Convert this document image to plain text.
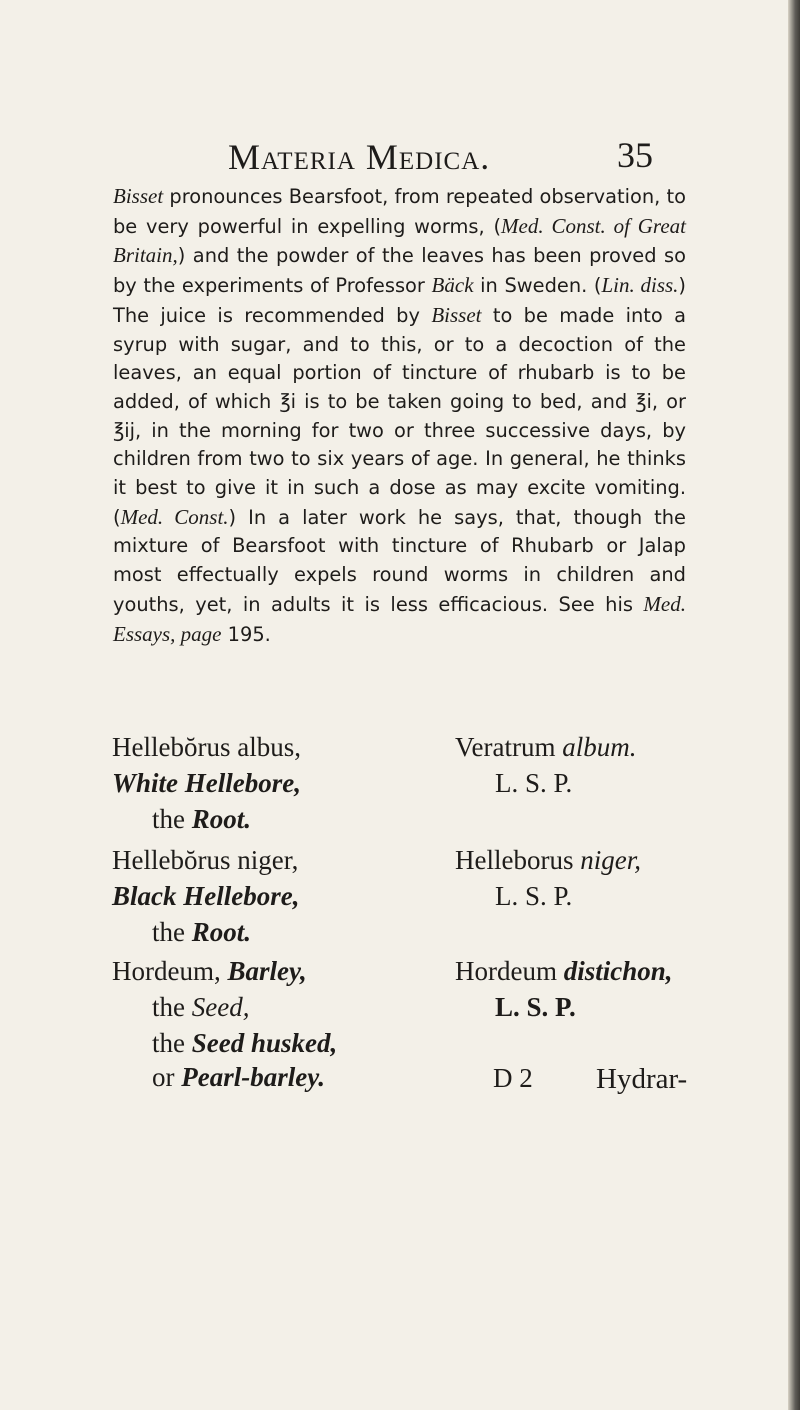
Materia Medica.	35

Bisset pronounces Bearsfoot, from repeated observation, to be very powerful in expelling worms, (Med. Const. of Great Britain,) and the powder of the leaves has been proved so by the experiments of Professor Bäck in Sweden. (Lin. diss.) The juice is recommended by Bisset to be made into a syrup with sugar, and to this, or to a decoction of the leaves, an equal portion of tincture of rhubarb is to be added, of which ℥i is to be taken going to bed, and ℥i, or ℥ij, in the morning for two or three successive days, by children from two to six years of age. In general, he thinks it best to give it in such a dose as may excite vomiting. (Med. Const.) In a later work he says, that, though the mixture of Bearsfoot with tincture of Rhubarb or Jalap most effectually expels round worms in children and youths, yet, in adults it is less efficacious. See his Med. Essays, page 195.

Hellebŏrus albus,	Veratrum album.
White Hellebore,	L. S. P.
the Root.
Hellebŏrus niger,	Helleborus niger,
Black Hellebore,	L. S. P.
the Root.
Hordeum, Barley,	Hordeum distichon,
the Seed,	L. S. P.
the Seed husked,
or Pearl-barley.	D 2 Hydrar-
